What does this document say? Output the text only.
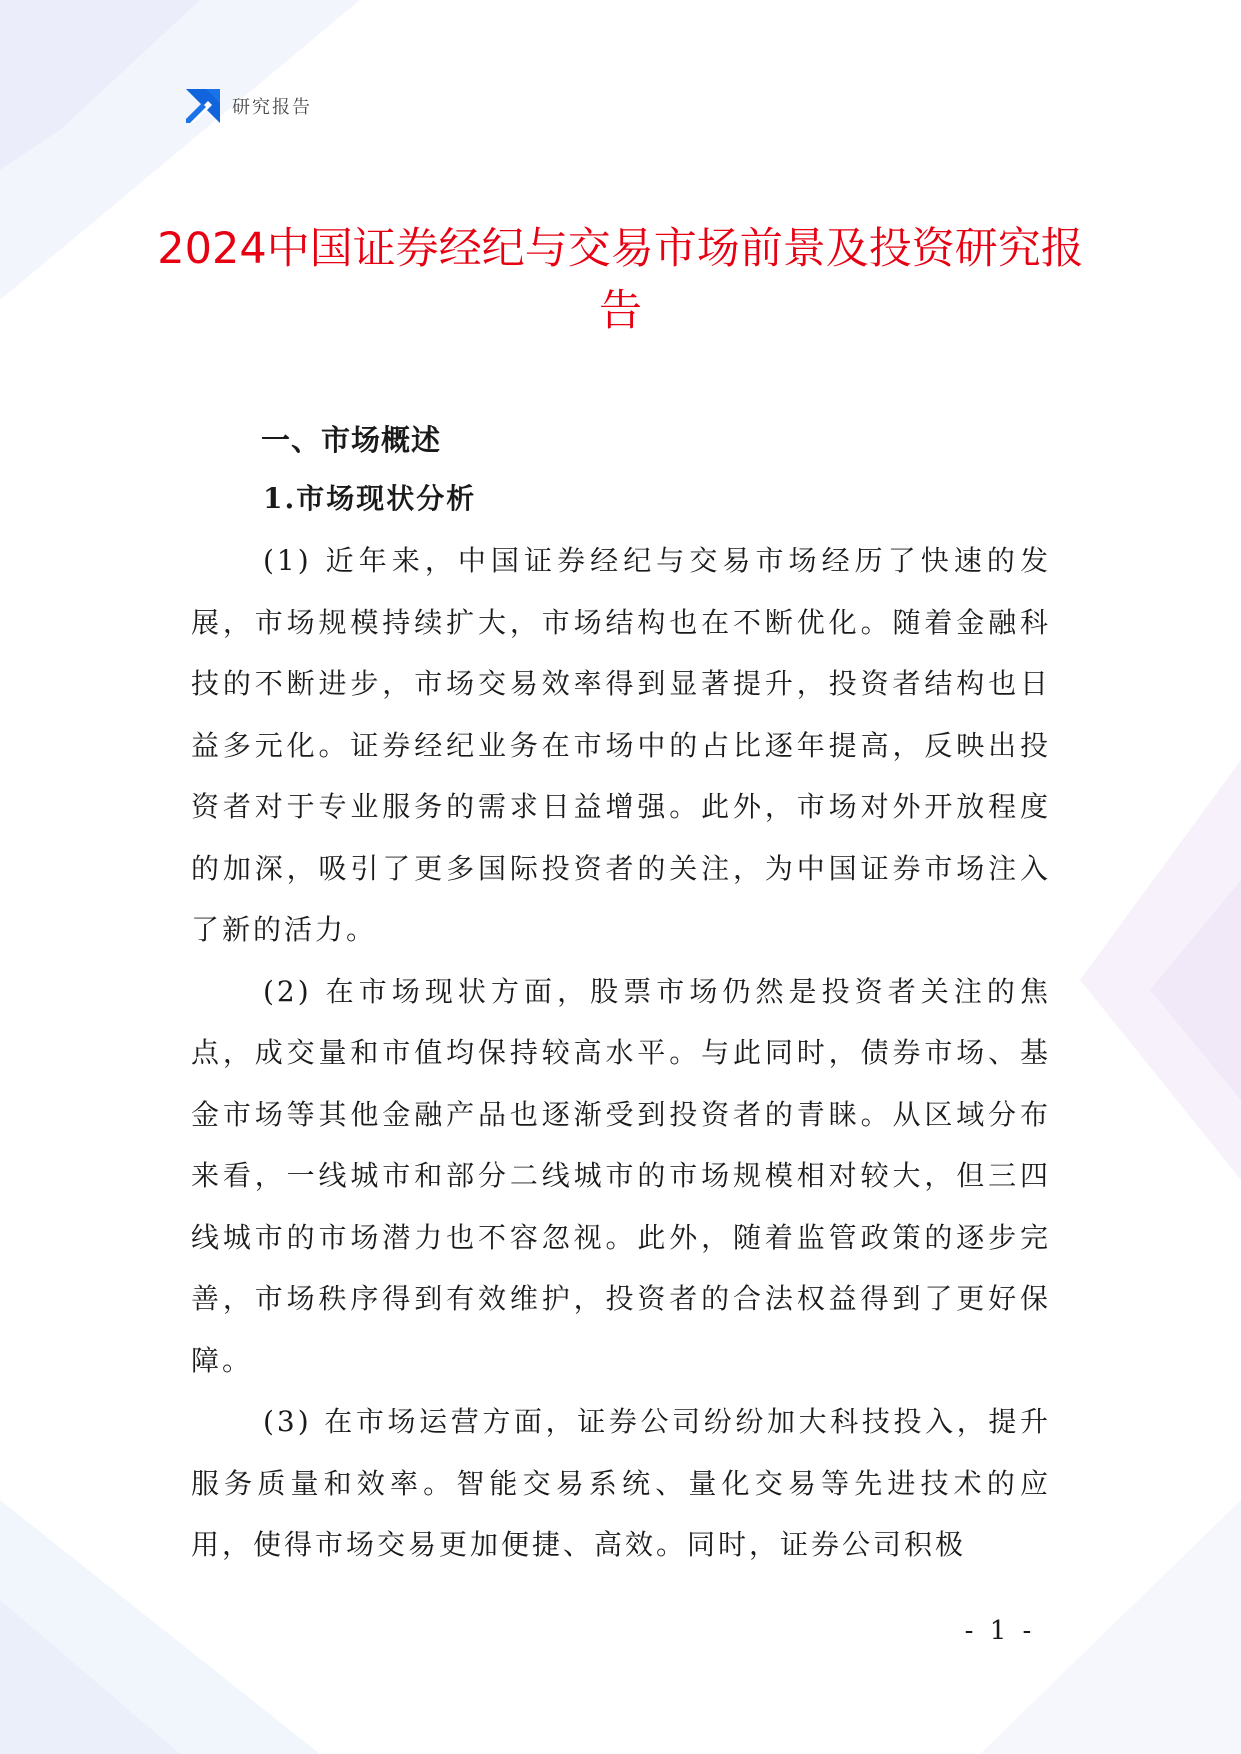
研究报告
2024中国证券经纪与交易市场前景及投资研究报告
一、市场概述
1.市场现状分析

(1) 近年来，中国证券经纪与交易市场经历了快速的发展，市场规模持续扩大，市场结构也在不断优化。随着金融科技的不断进步，市场交易效率得到显著提升，投资者结构也日益多元化。证券经纪业务在市场中的占比逐年提高，反映出投资者对于专业服务的需求日益增强。此外，市场对外开放程度的加深，吸引了更多国际投资者的关注，为中国证券市场注入了新的活力。

(2) 在市场现状方面，股票市场仍然是投资者关注的焦点，成交量和市值均保持较高水平。与此同时，债券市场、基金市场等其他金融产品也逐渐受到投资者的青睐。从区域分布来看，一线城市和部分二线城市的市场规模相对较大，但三四线城市的市场潜力也不容忽视。此外，随着监管政策的逐步完善，市场秩序得到有效维护，投资者的合法权益得到了更好保障。

(3) 在市场运营方面，证券公司纷纷加大科技投入，提升服务质量和效率。智能交易系统、量化交易等先进技术的应用，使得市场交易更加便捷、高效。同时，证券公司积极

- 1 -
